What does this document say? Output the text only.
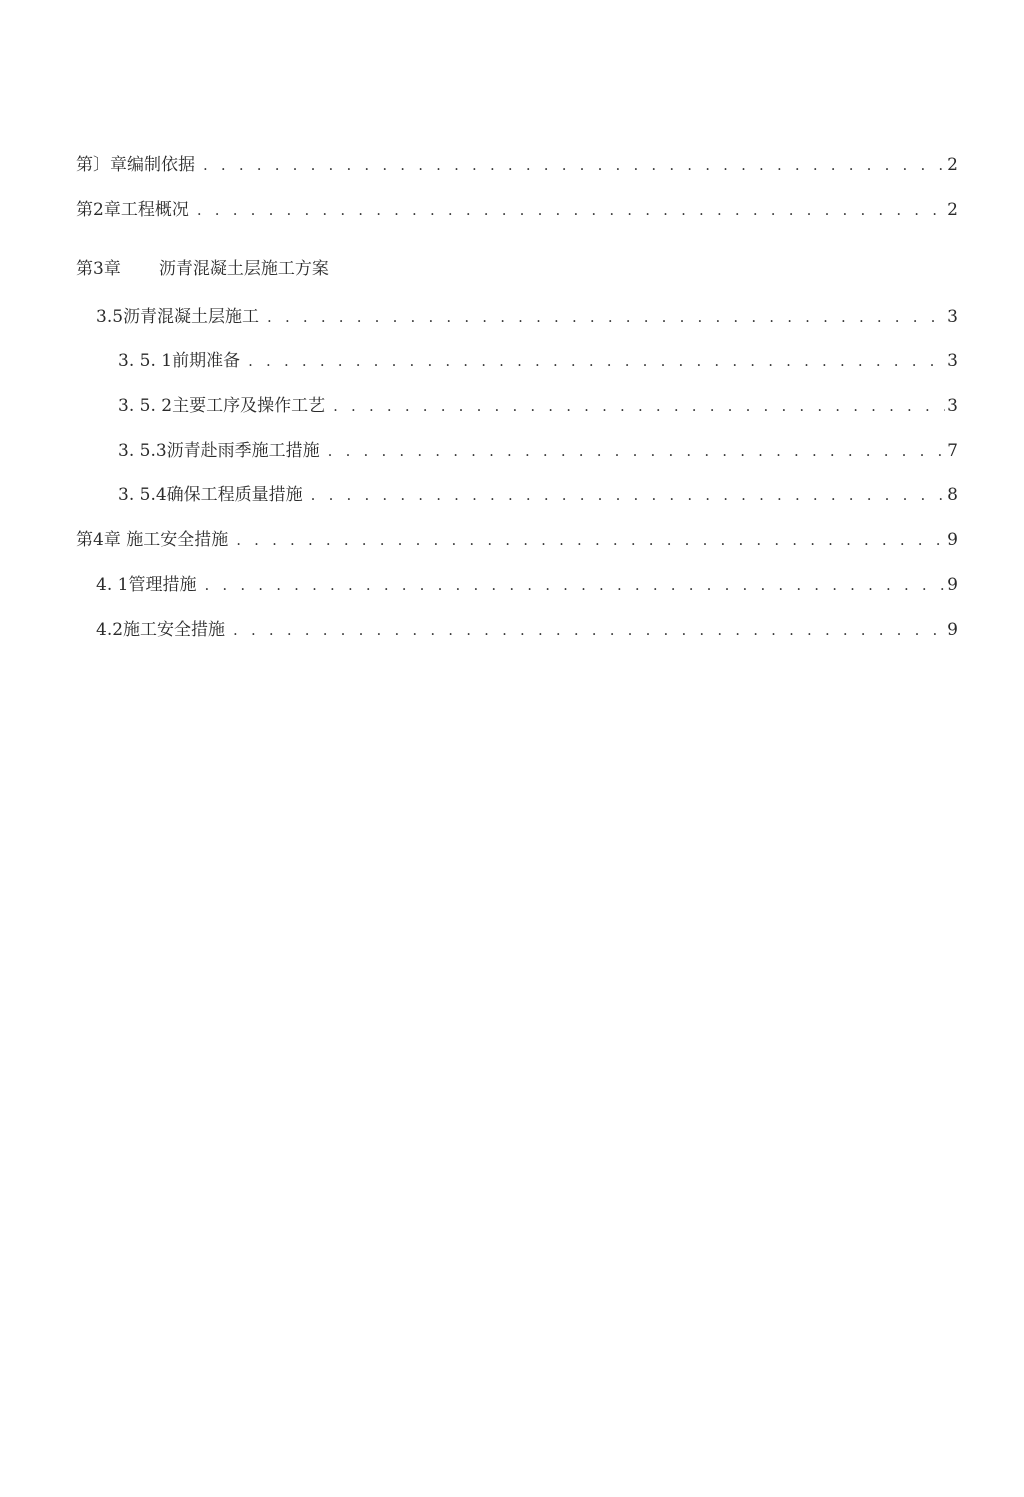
第〕章编制依据 . . .	2
第2章工程概况 . . .	2
第3章 沥青混凝土层施工方案
3.5沥青混凝土层施工 . . .	3
3. 5. 1前期准备 . . .	3
3. 5. 2主要工序及操作工艺 . . .	3
3. 5.3沥青赴雨季施工措施 . . .	7
3. 5.4确保工程质量措施 . . .	8
第4章 施工安全措施 . . .	9
4. 1管理措施 . . .	9
4.2施工安全措施 . . .	9
